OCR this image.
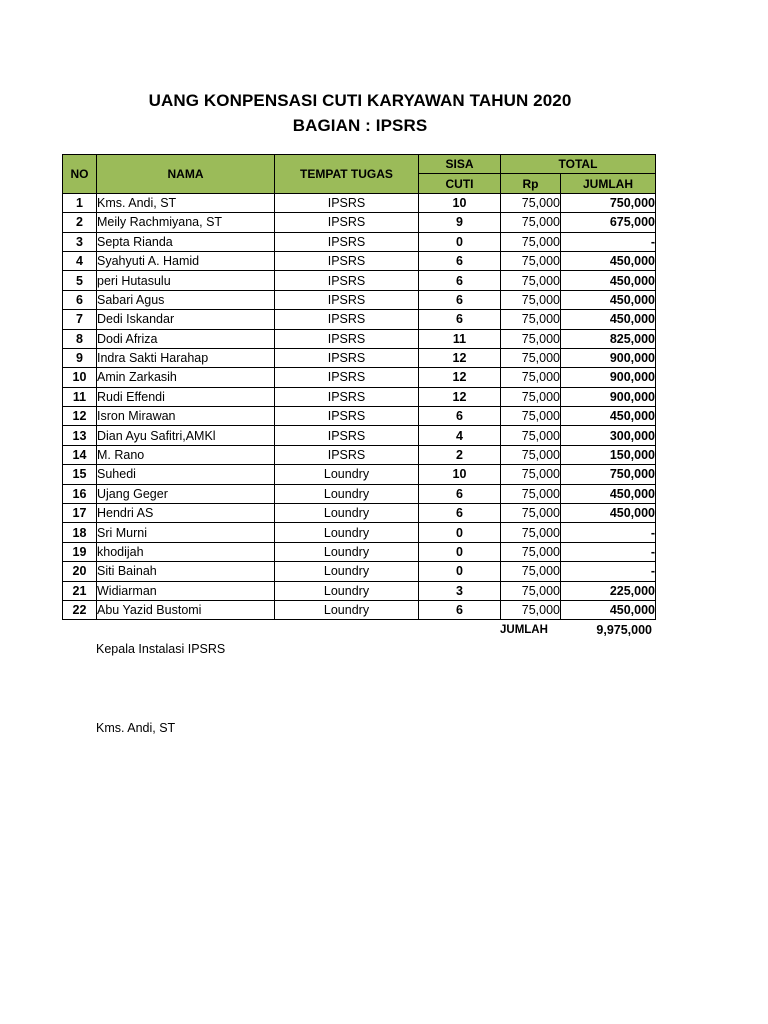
UANG KONPENSASI CUTI KARYAWAN TAHUN 2020
BAGIAN : IPSRS
NO	NAMA	TEMPAT TUGAS	SISA	TOTAL	
			CUTI	Rp	JUMLAH
1	Kms. Andi, ST	IPSRS	10	75,000	750,000
2	Meily Rachmiyana, ST	IPSRS	9	75,000	675,000
3	Septa Rianda	IPSRS	0	75,000	-
4	Syahyuti A. Hamid	IPSRS	6	75,000	450,000
5	peri Hutasulu	IPSRS	6	75,000	450,000
6	Sabari Agus	IPSRS	6	75,000	450,000
7	Dedi Iskandar	IPSRS	6	75,000	450,000
8	Dodi Afriza	IPSRS	11	75,000	825,000
9	Indra Sakti Harahap	IPSRS	12	75,000	900,000
10	Amin Zarkasih	IPSRS	12	75,000	900,000
11	Rudi Effendi	IPSRS	12	75,000	900,000
12	Isron Mirawan	IPSRS	6	75,000	450,000
13	Dian Ayu Safitri,AMKl	IPSRS	4	75,000	300,000
14	M. Rano	IPSRS	2	75,000	150,000
15	Suhedi	Loundry	10	75,000	750,000
16	Ujang Geger	Loundry	6	75,000	450,000
17	Hendri AS	Loundry	6	75,000	450,000
18	Sri Murni	Loundry	0	75,000	-
19	khodijah	Loundry	0	75,000	-
20	Siti Bainah	Loundry	0	75,000	-
21	Widiarman	Loundry	3	75,000	225,000
22	Abu Yazid Bustomi	Loundry	6	75,000	450,000
JUMLAH	9,975,000
Kepala Instalasi IPSRS
Kms. Andi, ST
